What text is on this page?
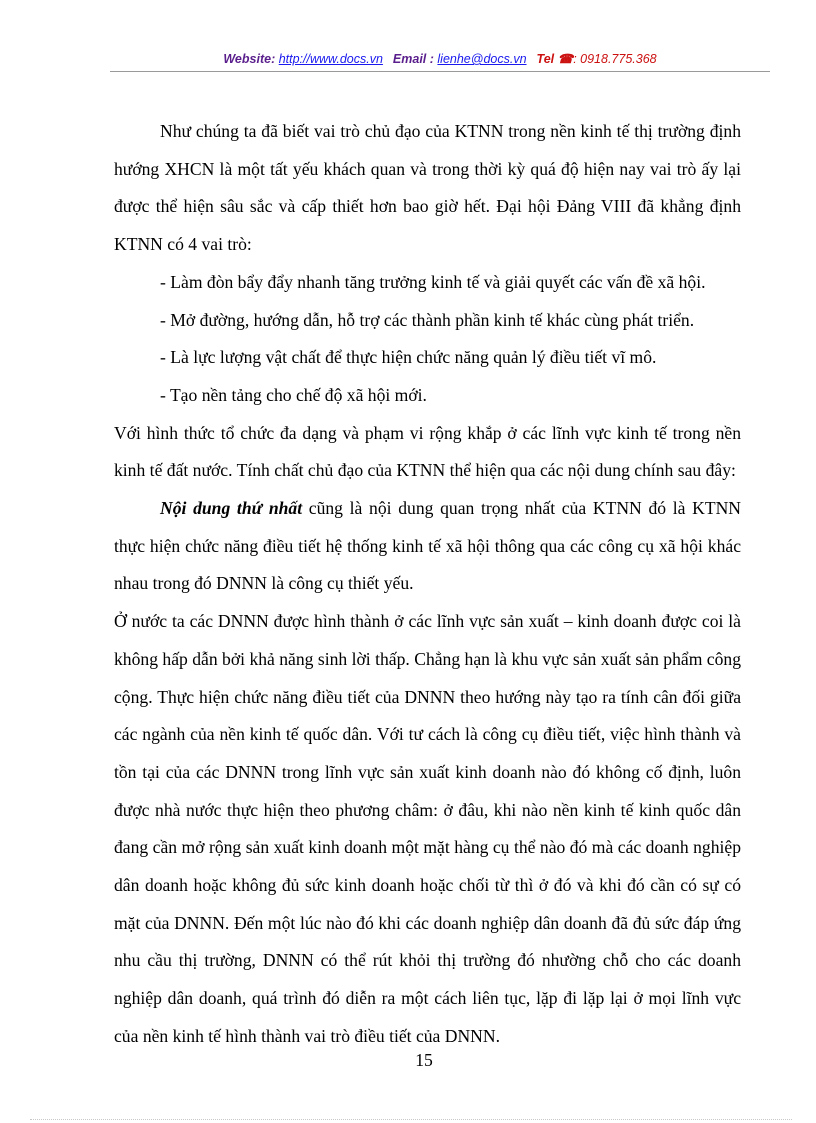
Website: http://www.docs.vn Email : lienhe@docs.vn Tel ☎: 0918.775.368

Như chúng ta đã biết vai trò chủ đạo của KTNN trong nền kinh tế thị trường định hướng XHCN là một tất yếu khách quan và trong thời kỳ quá độ hiện nay vai trò ấy lại được thể hiện sâu sắc và cấp thiết hơn bao giờ hết. Đại hội Đảng VIII đã khẳng định KTNN có 4 vai trò:

- Làm đòn bẩy đẩy nhanh tăng trưởng kinh tế và giải quyết các vấn đề xã hội.

- Mở đường, hướng dẫn, hỗ trợ các thành phần kinh tế khác cùng phát triển.

- Là lực lượng vật chất để thực hiện chức năng quản lý điều tiết vĩ mô.

- Tạo nền tảng cho chế độ xã hội mới.

Với hình thức tổ chức đa dạng và phạm vi rộng khắp ở các lĩnh vực kinh tế trong nền kinh tế đất nước. Tính chất chủ đạo của KTNN thể hiện qua các nội dung chính sau đây:

Nội dung thứ nhất cũng là nội dung quan trọng nhất của KTNN đó là KTNN thực hiện chức năng điều tiết hệ thống kinh tế xã hội thông qua các công cụ xã hội khác nhau trong đó DNNN là công cụ thiết yếu.

Ở nước ta các DNNN được hình thành ở các lĩnh vực sản xuất – kinh doanh được coi là không hấp dẫn bởi khả năng sinh lời thấp. Chẳng hạn là khu vực sản xuất sản phẩm công cộng. Thực hiện chức năng điều tiết của DNNN theo hướng này tạo ra tính cân đối giữa các ngành của nền kinh tế quốc dân. Với tư cách là công cụ điều tiết, việc hình thành và tồn tại của các DNNN trong lĩnh vực sản xuất kinh doanh nào đó không cố định, luôn được nhà nước thực hiện theo phương châm: ở đâu, khi nào nền kinh tế kinh quốc dân đang cần mở rộng sản xuất kinh doanh một mặt hàng cụ thể nào đó mà các doanh nghiệp dân doanh hoặc không đủ sức kinh doanh hoặc chối từ thì ở đó và khi đó cần có sự có mặt của DNNN. Đến một lúc nào đó khi các doanh nghiệp dân doanh đã đủ sức đáp ứng nhu cầu thị trường, DNNN có thể rút khỏi thị trường đó nhường chỗ cho các doanh nghiệp dân doanh, quá trình đó diễn ra một cách liên tục, lặp đi lặp lại ở mọi lĩnh vực của nền kinh tế hình thành vai trò điều tiết của DNNN.

15
